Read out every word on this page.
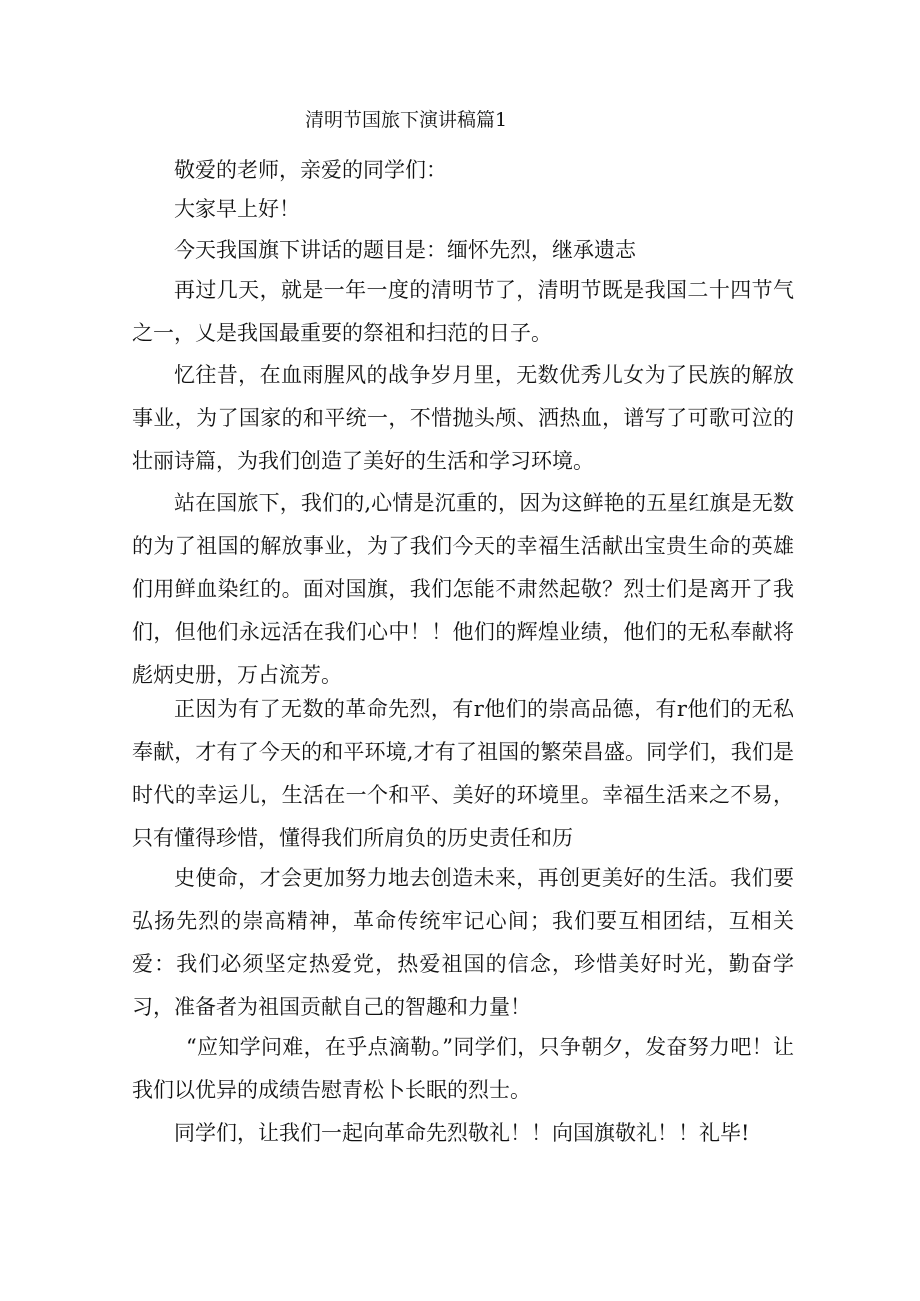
清明节国旅下演讲稿篇1

敬爱的老师，亲爱的同学们：

大家早上好！

今天我国旗下讲话的题目是：缅怀先烈，继承遗志

再过几天，就是一年一度的清明节了，清明节既是我国二十四节气之一，乂是我国最重要的祭祖和扫范的日子。

忆往昔，在血雨腥风的战争岁月里，无数优秀儿女为了民族的解放事业，为了国家的和平统一，不惜抛头颅、洒热血，谱写了可歌可泣的壮丽诗篇，为我们创造了美好的生活和学习环境。

站在国旅下，我们的,心情是沉重的，因为这鲜艳的五星红旗是无数的为了祖国的解放事业，为了我们今天的幸福生活献出宝贵生命的英雄们用鲜血染红的。面对国旗，我们怎能不肃然起敬？烈士们是离开了我们，但他们永远活在我们心中！！他们的辉煌业绩，他们的无私奉献将彪炳史册，万占流芳。

正因为有了无数的革命先烈，有r他们的崇高品德，有r他们的无私奉献，才有了今天的和平环境,才有了祖国的繁荣昌盛。同学们，我们是时代的幸运儿，生活在一个和平、美好的环境里。幸福生活来之不易，只有懂得珍惜，懂得我们所肩负的历史责任和历

史使命，才会更加努力地去创造未来，再创更美好的生活。我们要弘扬先烈的崇高精神，革命传统牢记心间；我们要互相团结，互相关爱：我们必须坚定热爱党，热爱祖国的信念，珍惜美好时光，勤奋学习，准备者为祖国贡献自己的智趣和力量！

“应知学问难，在乎点滴勒。”同学们，只争朝夕，发奋努力吧！让我们以优异的成绩告慰青松卜长眠的烈士。

同学们，让我们一起向革命先烈敬礼！！向国旗敬礼！！礼毕!
